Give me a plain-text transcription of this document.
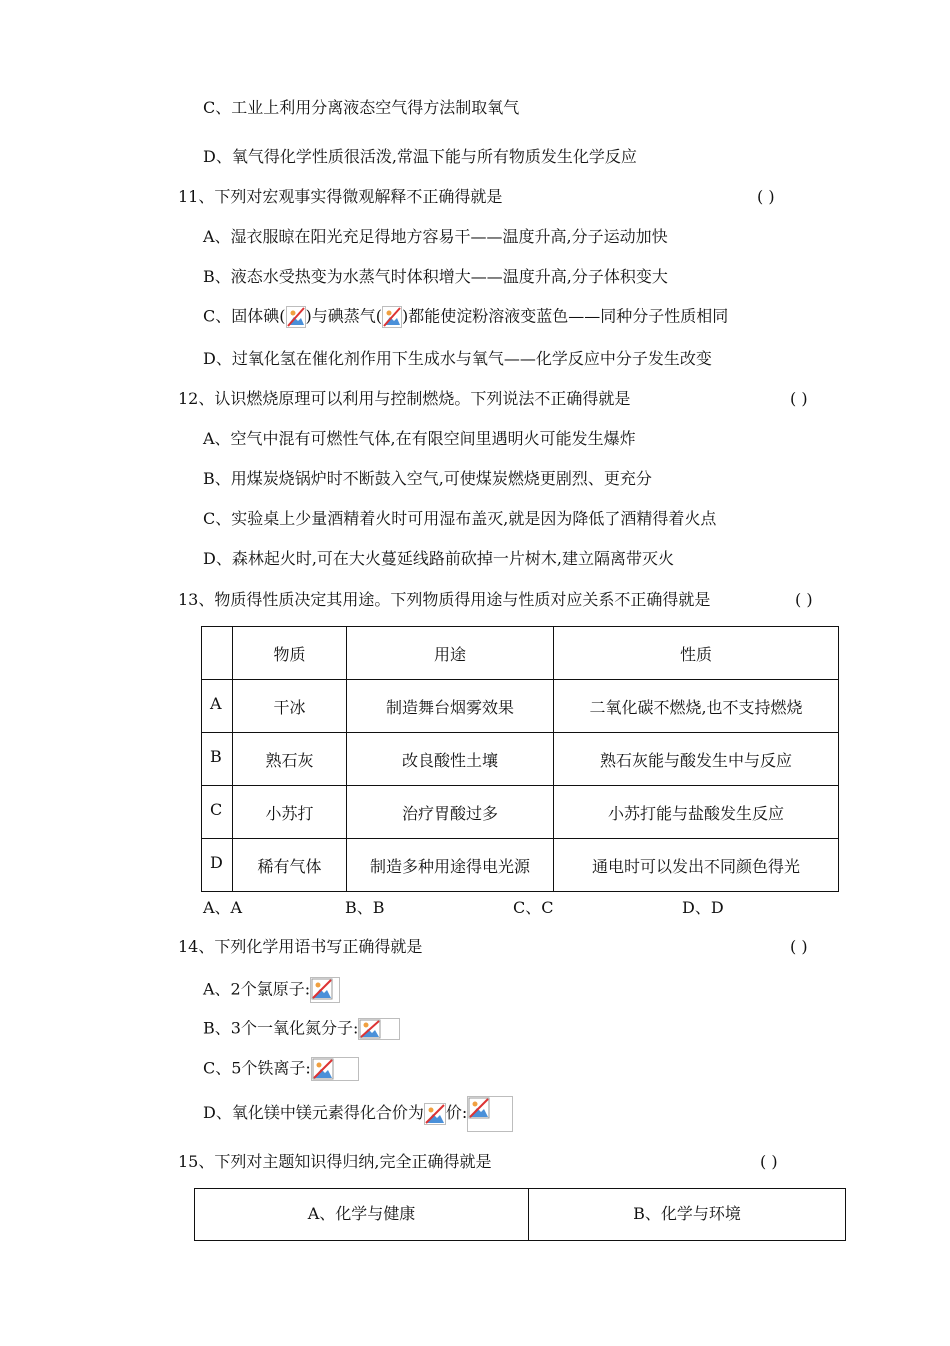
C、工业上利用分离液态空气得方法制取氧气
D、氧气得化学性质很活泼,常温下能与所有物质发生化学反应
11、下列对宏观事实得微观解释不正确得就是	( )
A、湿衣服晾在阳光充足得地方容易干——温度升高,分子运动加快
B、液态水受热变为水蒸气时体积增大——温度升高,分子体积变大
C、固体碘( )与碘蒸气( )都能使淀粉溶液变蓝色——同种分子性质相同
D、过氧化氢在催化剂作用下生成水与氧气——化学反应中分子发生改变
12、认识燃烧原理可以利用与控制燃烧。下列说法不正确得就是	( )
A、空气中混有可燃性气体,在有限空间里遇明火可能发生爆炸
B、用煤炭烧锅炉时不断鼓入空气,可使煤炭燃烧更剧烈、更充分
C、实验桌上少量酒精着火时可用湿布盖灭,就是因为降低了酒精得着火点
D、森林起火时,可在大火蔓延线路前砍掉一片树木,建立隔离带灭火
13、物质得性质决定其用途。下列物质得用途与性质对应关系不正确得就是	( )
	物质	用途	性质
A	干冰	制造舞台烟雾效果	二氧化碳不燃烧,也不支持燃烧
B	熟石灰	改良酸性土壤	熟石灰能与酸发生中与反应
C	小苏打	治疗胃酸过多	小苏打能与盐酸发生反应
D	稀有气体	制造多种用途得电光源	通电时可以发出不同颜色得光
A、A	B、B	C、C	D、D
14、下列化学用语书写正确得就是	( )
A、2个氯原子:
B、3个一氧化氮分子:
C、5个铁离子:
D、氧化镁中镁元素得化合价为 价:
15、下列对主题知识得归纳,完全正确得就是	( )
A、化学与健康	B、化学与环境
